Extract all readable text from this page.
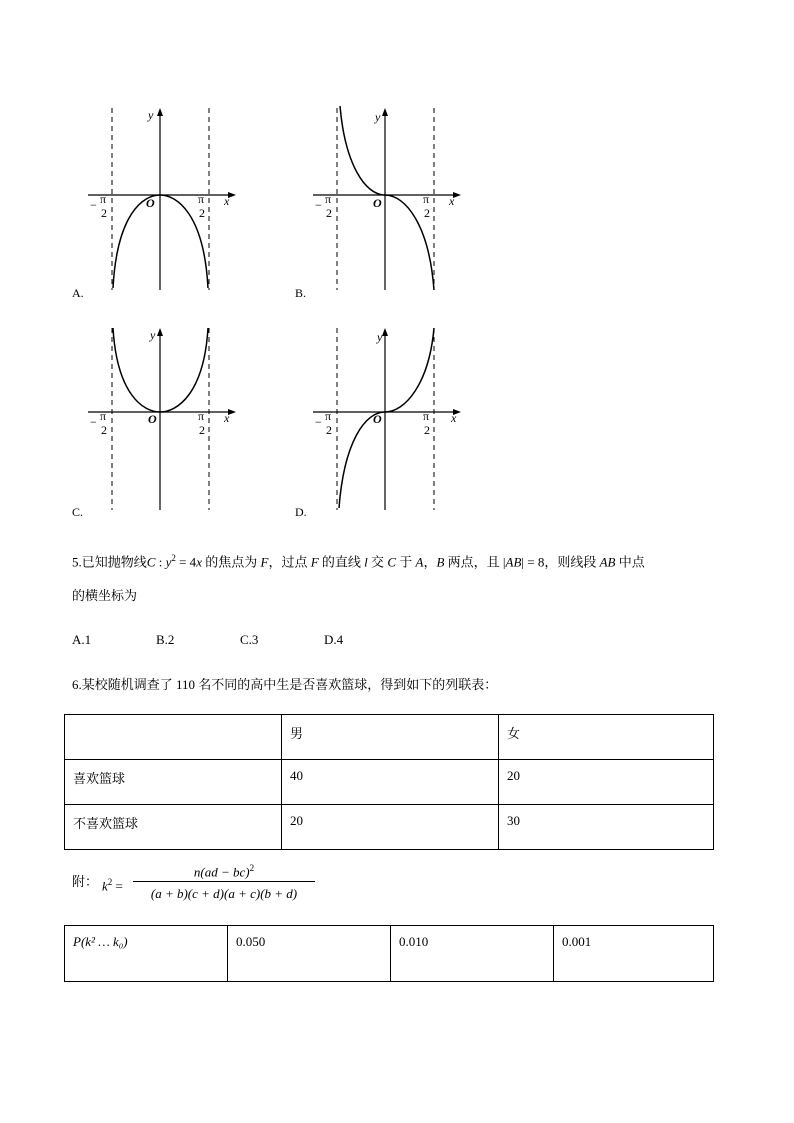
y
x
O
− π
2
π
2
A.
y
x
O
− π
2
π
2
B.
y
x
O
− π
2
π
2
C.
y
x
O
− π
2
π
2
D.
5.已知抛物线C : $y^2 = 4x$ 的焦点为 F，过点 F 的直线 l 交 C 于 A，B 两点，且 |AB| = 8，则线段 AB 中点
的横坐标为
A.1	B.2	C.3	D.4
6.某校随机调查了 110 名不同的高中生是否喜欢篮球，得到如下的列联表：
	男	女
喜欢篮球	40	20
不喜欢篮球	20	30
附： $k^2$ =
n(ad − bc)$^2$
(a + b)(c + d)(a + c)(b + d)
P(k² … k₀)	0.050	0.010	0.001
